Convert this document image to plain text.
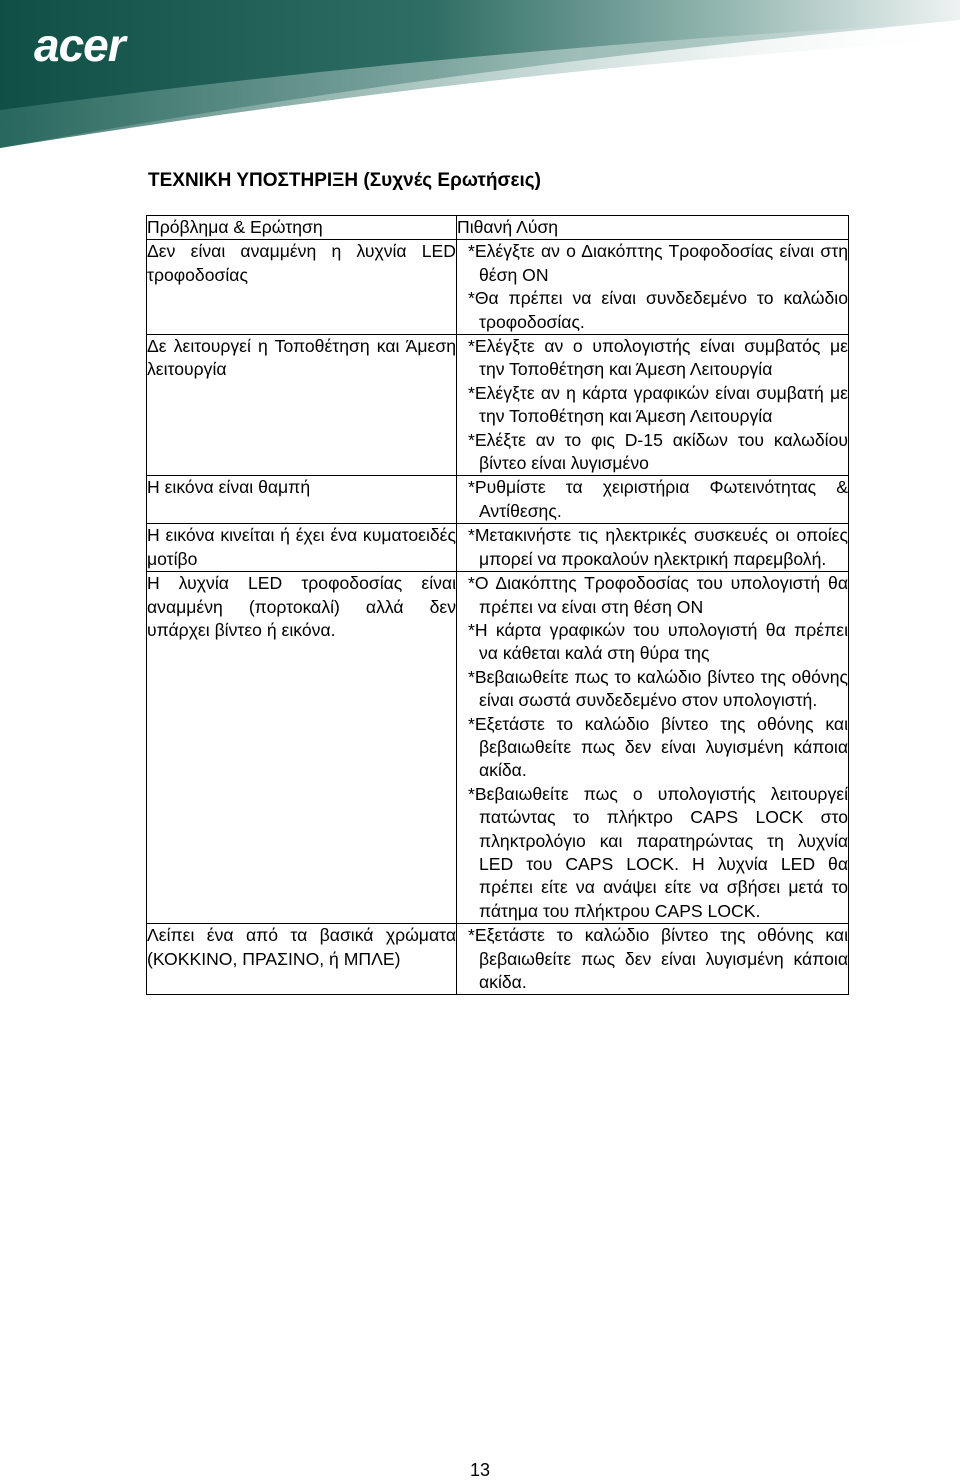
acer
ΤΕΧΝΙΚΗ ΥΠΟΣΤΗΡΙΞΗ (Συχνές Ερωτήσεις)
Πρόβλημα & Ερώτηση	Πιθανή Λύση
Δεν είναι αναμμένη η λυχνία LED τροφοδοσίας	*Ελέγξτε αν ο Διακόπτης Τροφοδοσίας είναι στη θέση ON
*Θα πρέπει να είναι συνδεδεμένο το καλώδιο τροφοδοσίας.

Δε λειτουργεί η Τοποθέτηση και Άμεση λειτουργία	*Ελέγξτε αν ο υπολογιστής είναι συμβατός με την Τοποθέτηση και Άμεση Λειτουργία
*Ελέγξτε αν η κάρτα γραφικών είναι συμβατή με την Τοποθέτηση και Άμεση Λειτουργία
*Ελέξτε αν το φις D-15 ακίδων του καλωδίου βίντεο είναι λυγισμένο

Η εικόνα είναι θαμπή	*Ρυθμίστε τα χειριστήρια Φωτεινότητας & Αντίθεσης.

Η εικόνα κινείται ή έχει ένα κυματοειδές μοτίβο	*Μετακινήστε τις ηλεκτρικές συσκευές οι οποίες μπορεί να προκαλούν ηλεκτρική παρεμβολή.

Η λυχνία LED τροφοδοσίας είναι αναμμένη (πορτοκαλί) αλλά δεν υπάρχει βίντεο ή εικόνα.	*Ο Διακόπτης Τροφοδοσίας του υπολογιστή θα πρέπει να είναι στη θέση ON
*Η κάρτα γραφικών του υπολογιστή θα πρέπει να κάθεται καλά στη θύρα της
*Βεβαιωθείτε πως το καλώδιο βίντεο της οθόνης είναι σωστά συνδεδεμένο στον υπολογιστή.
*Εξετάστε το καλώδιο βίντεο της οθόνης και βεβαιωθείτε πως δεν είναι λυγισμένη κάποια ακίδα.
*Βεβαιωθείτε πως ο υπολογιστής λειτουργεί πατώντας το πλήκτρο CAPS LOCK στο πληκτρολόγιο και παρατηρώντας τη λυχνία LED του CAPS LOCK. Η λυχνία LED θα πρέπει είτε να ανάψει είτε να σβήσει μετά το πάτημα του πλήκτρου CAPS LOCK.

Λείπει ένα από τα βασικά χρώματα (ΚΟΚΚΙΝΟ, ΠΡΑΣΙΝΟ, ή ΜΠΛΕ)	*Εξετάστε το καλώδιο βίντεο της οθόνης και βεβαιωθείτε πως δεν είναι λυγισμένη κάποια ακίδα.
13
